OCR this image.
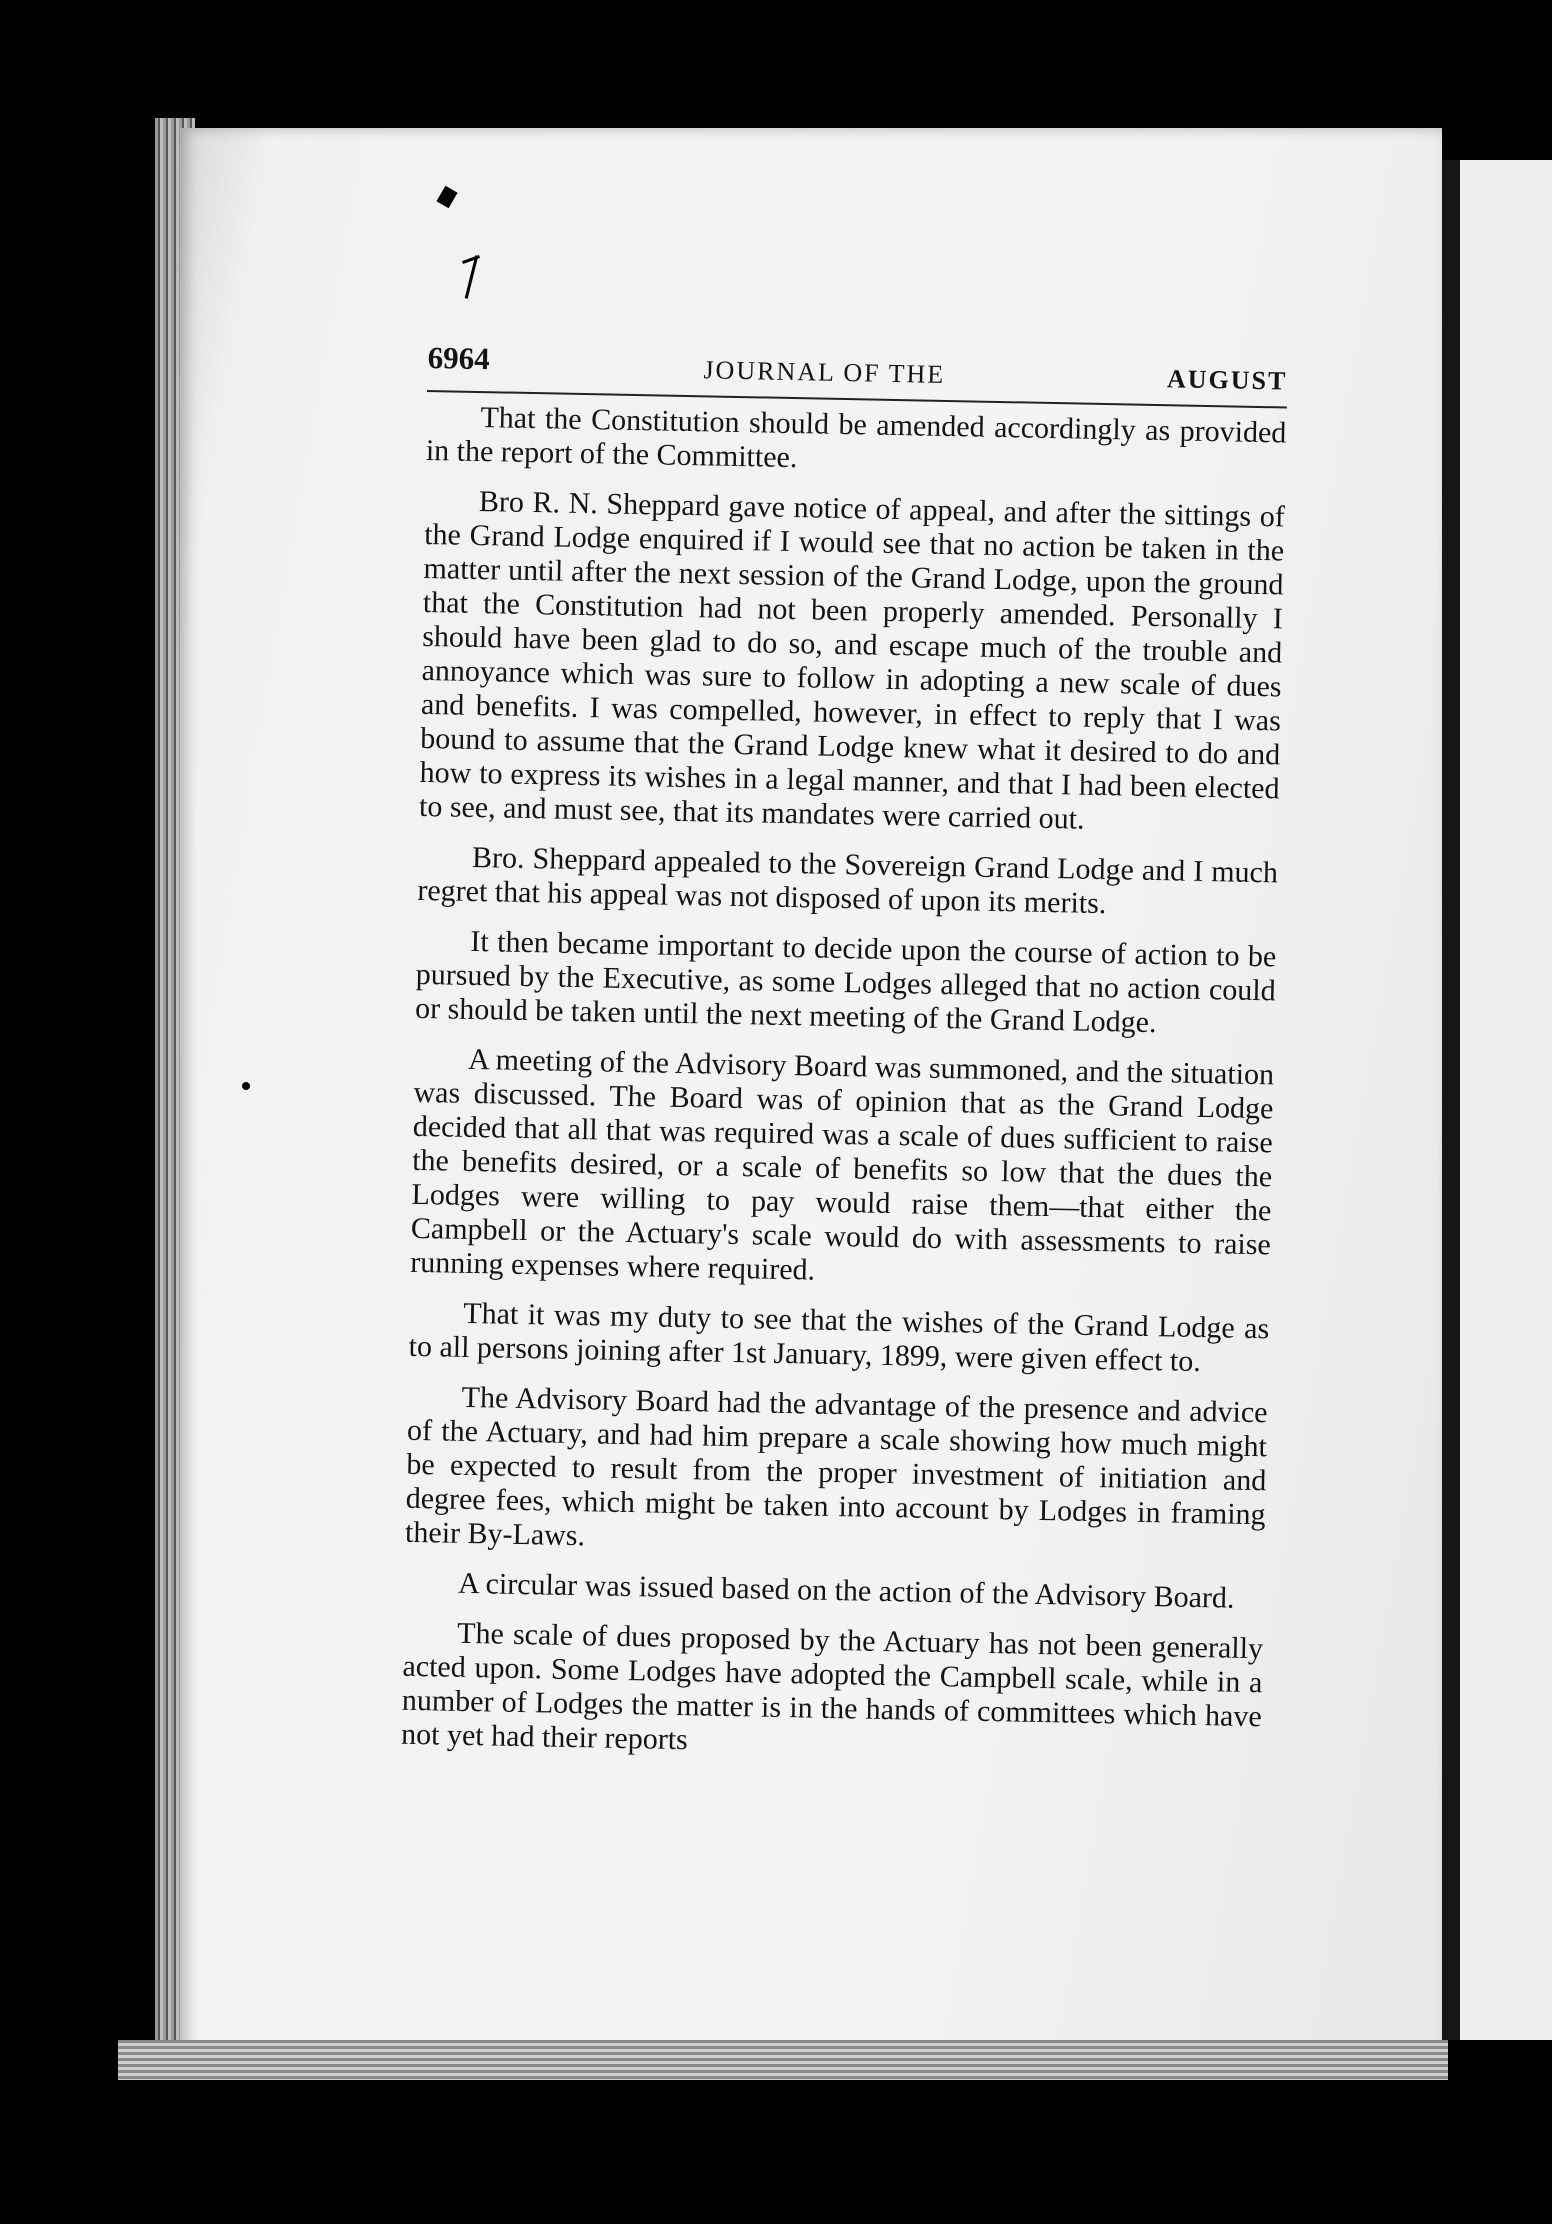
6964	JOURNAL OF THE	AUGUST

That the Constitution should be amended accordingly as provided in the report of the Committee.

Bro R. N. Sheppard gave notice of appeal, and after the sittings of the Grand Lodge enquired if I would see that no action be taken in the matter until after the next session of the Grand Lodge, upon the ground that the Constitution had not been properly amended. Personally I should have been glad to do so, and escape much of the trouble and annoyance which was sure to follow in adopting a new scale of dues and benefits. I was compelled, however, in effect to reply that I was bound to assume that the Grand Lodge knew what it desired to do and how to express its wishes in a legal manner, and that I had been elected to see, and must see, that its mandates were carried out.

Bro. Sheppard appealed to the Sovereign Grand Lodge and I much regret that his appeal was not disposed of upon its merits.

It then became important to decide upon the course of action to be pursued by the Executive, as some Lodges alleged that no action could or should be taken until the next meeting of the Grand Lodge.

A meeting of the Advisory Board was summoned, and the situation was discussed. The Board was of opinion that as the Grand Lodge decided that all that was required was a scale of dues sufficient to raise the benefits desired, or a scale of benefits so low that the dues the Lodges were willing to pay would raise them—that either the Campbell or the Actuary's scale would do with assessments to raise running expenses where required.

That it was my duty to see that the wishes of the Grand Lodge as to all persons joining after 1st January, 1899, were given effect to.

The Advisory Board had the advantage of the presence and advice of the Actuary, and had him prepare a scale showing how much might be expected to result from the proper investment of initiation and degree fees, which might be taken into account by Lodges in framing their By-Laws.

A circular was issued based on the action of the Advisory Board.

The scale of dues proposed by the Actuary has not been generally acted upon. Some Lodges have adopted the Campbell scale, while in a number of Lodges the matter is in the hands of committees which have not yet had their reports
